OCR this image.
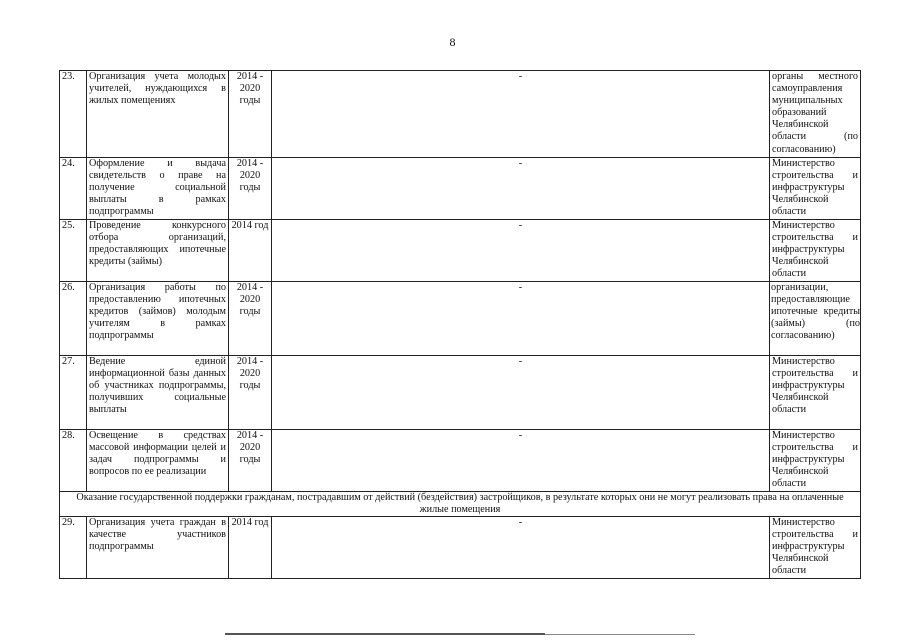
8
23.	Организация учета молодых учителей, нуждающихся в жилых помещениях	2014 - 2020 годы	-	органы местного самоуправления муниципальных образований Челябинской области (по согласованию)
24.	Оформление и выдача свидетельств о праве на получение социальной выплаты в рамках подпрограммы	2014 - 2020 годы	-	Министерство строительства и инфраструктуры Челябинской области
25.	Проведение конкурсного отбора организаций, предоставляющих ипотечные кредиты (займы)	2014 год	-	Министерство строительства и инфраструктуры Челябинской области
26.	Организация работы по предоставлению ипотечных кредитов (займов) молодым учителям в рамках подпрограммы	2014 - 2020 годы	-	организации, предоставляющие ипотечные кредиты (займы) (по согласованию)
27.	Ведение единой информационной базы данных об участниках подпрограммы, получивших социальные выплаты	2014 - 2020 годы	-	Министерство строительства и инфраструктуры Челябинской области
28.	Освещение в средствах массовой информации целей и задач подпрограммы и вопросов по ее реализации	2014 - 2020 годы	-	Министерство строительства и инфраструктуры Челябинской области
Оказание государственной поддержки гражданам, пострадавшим от действий (бездействия) застройщиков, в результате которых они не могут реализовать права на оплаченные жилые помещения				
29.	Организация учета граждан в качестве участников подпрограммы	2014 год	-	Министерство строительства и инфраструктуры Челябинской области
